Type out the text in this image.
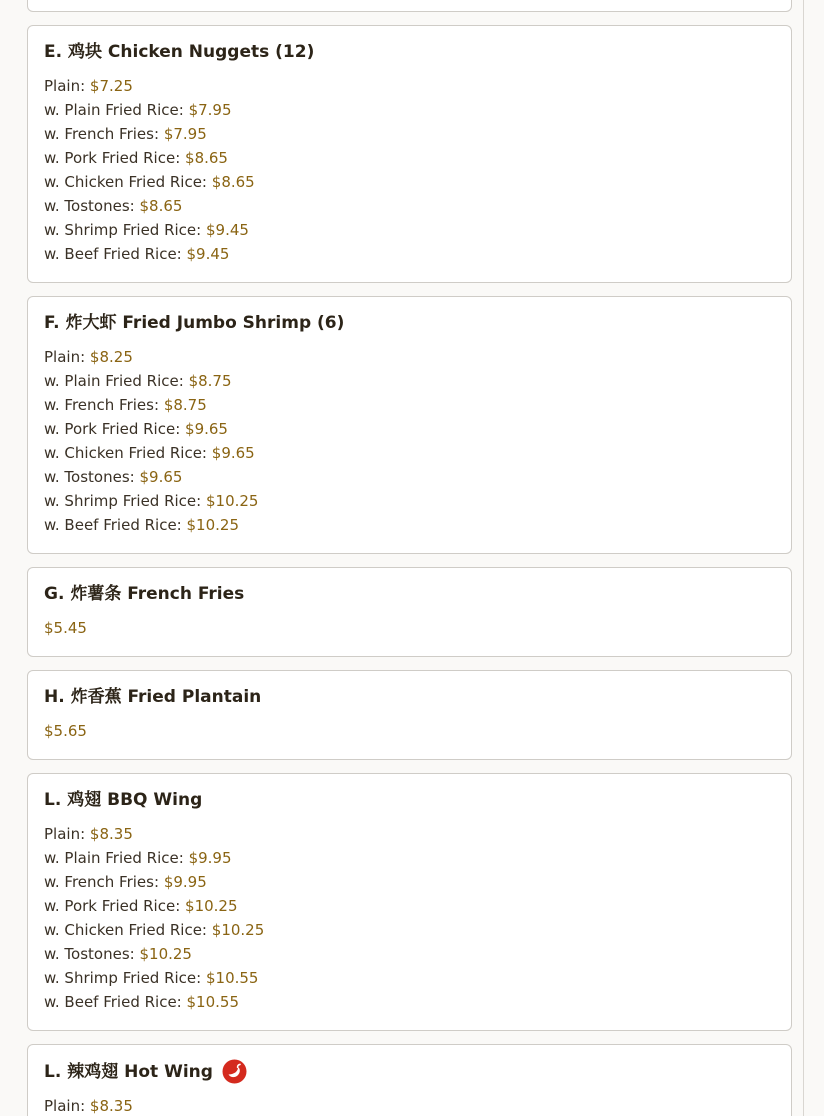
E. 鸡块 Chicken Nuggets (12)
Plain: $7.25
w. Plain Fried Rice: $7.95
w. French Fries: $7.95
w. Pork Fried Rice: $8.65
w. Chicken Fried Rice: $8.65
w. Tostones: $8.65
w. Shrimp Fried Rice: $9.45
w. Beef Fried Rice: $9.45
F. 炸大虾 Fried Jumbo Shrimp (6)
Plain: $8.25
w. Plain Fried Rice: $8.75
w. French Fries: $8.75
w. Pork Fried Rice: $9.65
w. Chicken Fried Rice: $9.65
w. Tostones: $9.65
w. Shrimp Fried Rice: $10.25
w. Beef Fried Rice: $10.25
G. 炸薯条 French Fries
$5.45
H. 炸香蕉 Fried Plantain
$5.65
L. 鸡翅 BBQ Wing
Plain: $8.35
w. Plain Fried Rice: $9.95
w. French Fries: $9.95
w. Pork Fried Rice: $10.25
w. Chicken Fried Rice: $10.25
w. Tostones: $10.25
w. Shrimp Fried Rice: $10.55
w. Beef Fried Rice: $10.55
L. 辣鸡翅 Hot Wing
Plain: $8.35
